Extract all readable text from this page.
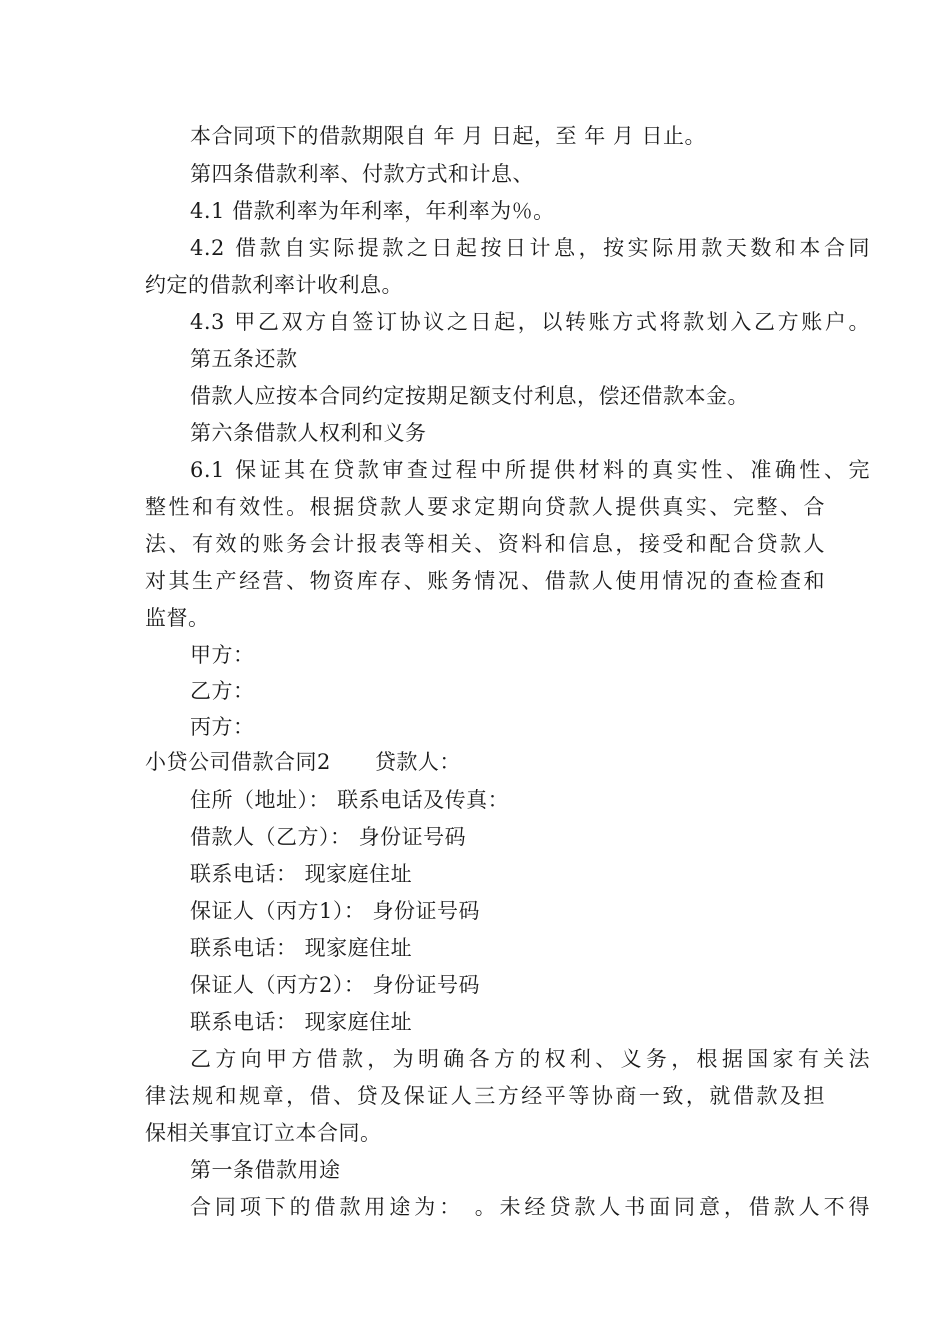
本合同项下的借款期限自 年 月 日起，至 年 月 日止。
第四条借款利率、付款方式和计息、
4.1 借款利率为年利率，年利率为％。
4.2 借款自实际提款之日起按日计息，按实际用款天数和本合同
约定的借款利率计收利息。
4.3 甲乙双方自签订协议之日起，以转账方式将款划入乙方账户。
第五条还款
借款人应按本合同约定按期足额支付利息，偿还借款本金。
第六条借款人权利和义务
6.1 保证其在贷款审查过程中所提供材料的真实性、准确性、完
整性和有效性。根据贷款人要求定期向贷款人提供真实、完整、合
法、有效的账务会计报表等相关、资料和信息，接受和配合贷款人
对其生产经营、物资库存、账务情况、借款人使用情况的查检查和
监督。
甲方：
乙方：
丙方：
小贷公司借款合同2 贷款人：
住所（地址）： 联系电话及传真：
借款人（乙方）： 身份证号码
联系电话： 现家庭住址
保证人（丙方1）： 身份证号码
联系电话： 现家庭住址
保证人（丙方2）： 身份证号码
联系电话： 现家庭住址
乙方向甲方借款，为明确各方的权利、义务，根据国家有关法
律法规和规章，借、贷及保证人三方经平等协商一致，就借款及担
保相关事宜订立本合同。
第一条借款用途
合同项下的借款用途为： 。未经贷款人书面同意，借款人不得
